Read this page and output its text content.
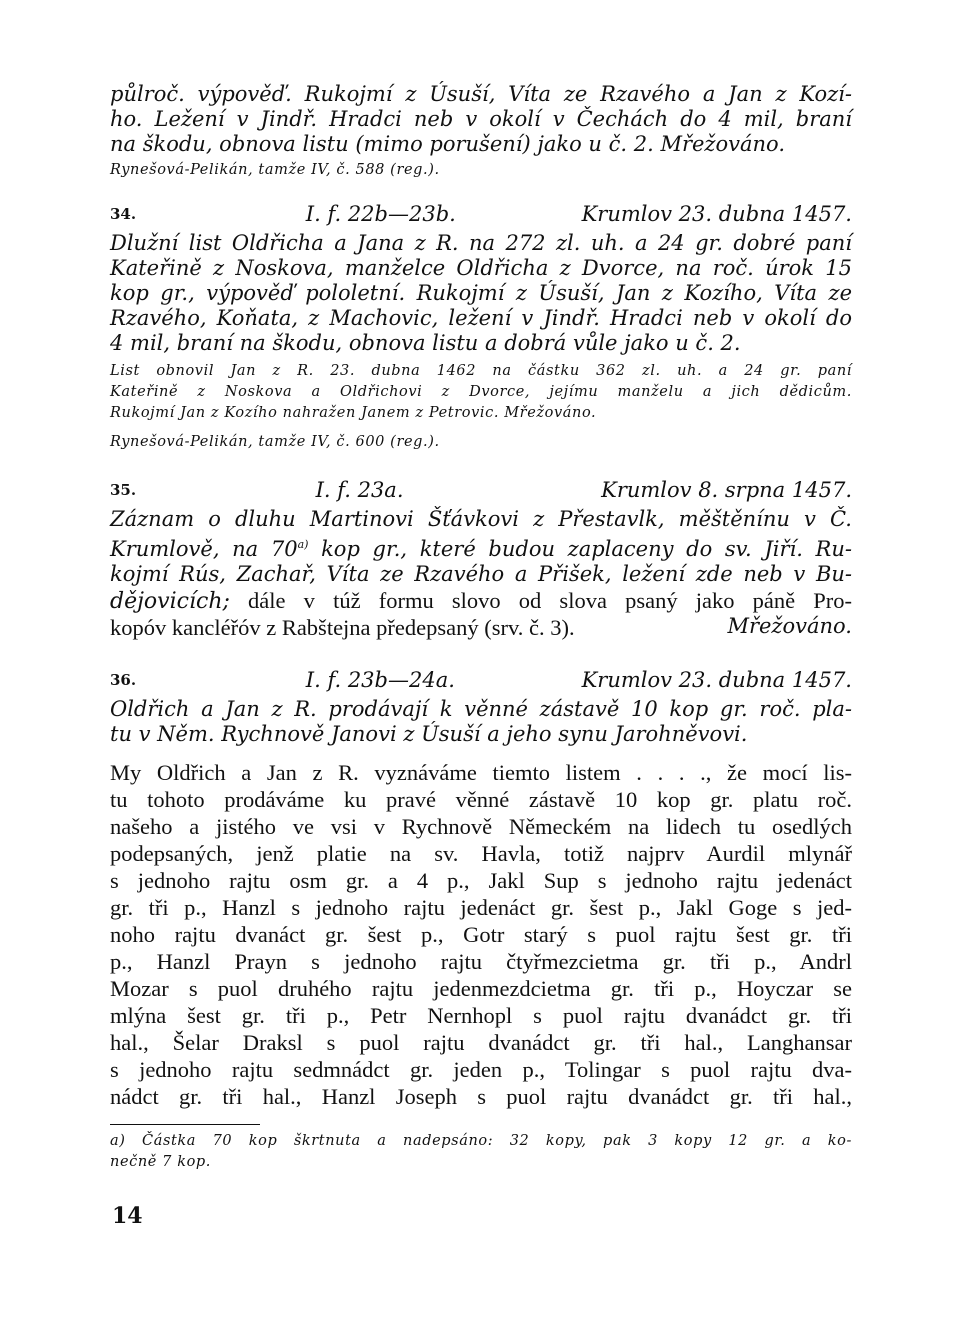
půlroč. výpověď. Rukojmí z Úsuší, Víta ze Rzavého a Jan z Kozí-
ho. Ležení v Jindř. Hradci neb v okolí v Čechách do 4 mil, braní
na škodu, obnova listu (mimo porušení) jako u č. 2. Mřežováno.
Rynešová-Pelikán, tamže IV, č. 588 (reg.).
34.	I. f. 22b—23b.	Krumlov 23. dubna 1457.
Dlužní list Oldřicha a Jana z R. na 272 zl. uh. a 24 gr. dobré paní
Kateřině z Noskova, manželce Oldřicha z Dvorce, na roč. úrok 15
kop gr., výpověď pololetní. Rukojmí z Úsuší, Jan z Kozího, Víta ze
Rzavého, Koňata, z Machovic, ležení v Jindř. Hradci neb v okolí do
4 mil, braní na škodu, obnova listu a dobrá vůle jako u č. 2.
List obnovil Jan z R. 23. dubna 1462 na částku 362 zl. uh. a 24 gr. paní
Kateřině z Noskova a Oldřichovi z Dvorce, jejímu manželu a jich dědicům.
Rukojmí Jan z Kozího nahražen Janem z Petrovic. Mřežováno.
Rynešová-Pelikán, tamže IV, č. 600 (reg.).
35.	I. f. 23a.	Krumlov 8. srpna 1457.
Záznam o dluhu Martinovi Šťávkovi z Přestavlk, měštěnínu v Č.
Krumlově, na 70$^{a)}$ kop gr., které budou zaplaceny do sv. Jiří. Ru-
kojmí Rús, Zachař, Víta ze Rzavého a Přišek, ležení zde neb v Bu-
dějovicích; dále v túž formu slovo od slova psaný jako páně Pro-
kopóv kancléřóv z Rabštejna předepsaný (srv. č. 3).	Mřežováno.
36.	I. f. 23b—24a.	Krumlov 23. dubna 1457.
Oldřich a Jan z R. prodávají k věnné zástavě 10 kop gr. roč. pla-
tu v Něm. Rychnově Janovi z Úsuší a jeho synu Jarohněvovi.
My Oldřich a Jan z R. vyznáváme tiemto listem . . . ., že mocí lis-
tu tohoto prodáváme ku pravé věnné zástavě 10 kop gr. platu roč.
našeho a jistého ve vsi v Rychnově Německém na lidech tu osedlých
podepsaných, jenž platie na sv. Havla, totiž najprv Aurdil mlynář
s jednoho rajtu osm gr. a 4 p., Jakl Sup s jednoho rajtu jedenáct
gr. tři p., Hanzl s jednoho rajtu jedenáct gr. šest p., Jakl Goge s jed-
noho rajtu dvanáct gr. šest p., Gotr starý s puol rajtu šest gr. tři
p., Hanzl Prayn s jednoho rajtu čtyřmezcietma gr. tři p., Andrl
Mozar s puol druhého rajtu jedenmezdcietma gr. tři p., Hoyczar se
mlýna šest gr. tři p., Petr Nernhopl s puol rajtu dvanádct gr. tři
hal., Šelar Draksl s puol rajtu dvanádct gr. tři hal., Langhansar
s jednoho rajtu sedmnádct gr. jeden p., Tolingar s puol rajtu dva-
nádct gr. tři hal., Hanzl Joseph s puol rajtu dvanádct gr. tři hal.,
a) Částka 70 kop škrtnuta a nadepsáno: 32 kopy, pak 3 kopy 12 gr. a ko-
nečně 7 kop.
14
